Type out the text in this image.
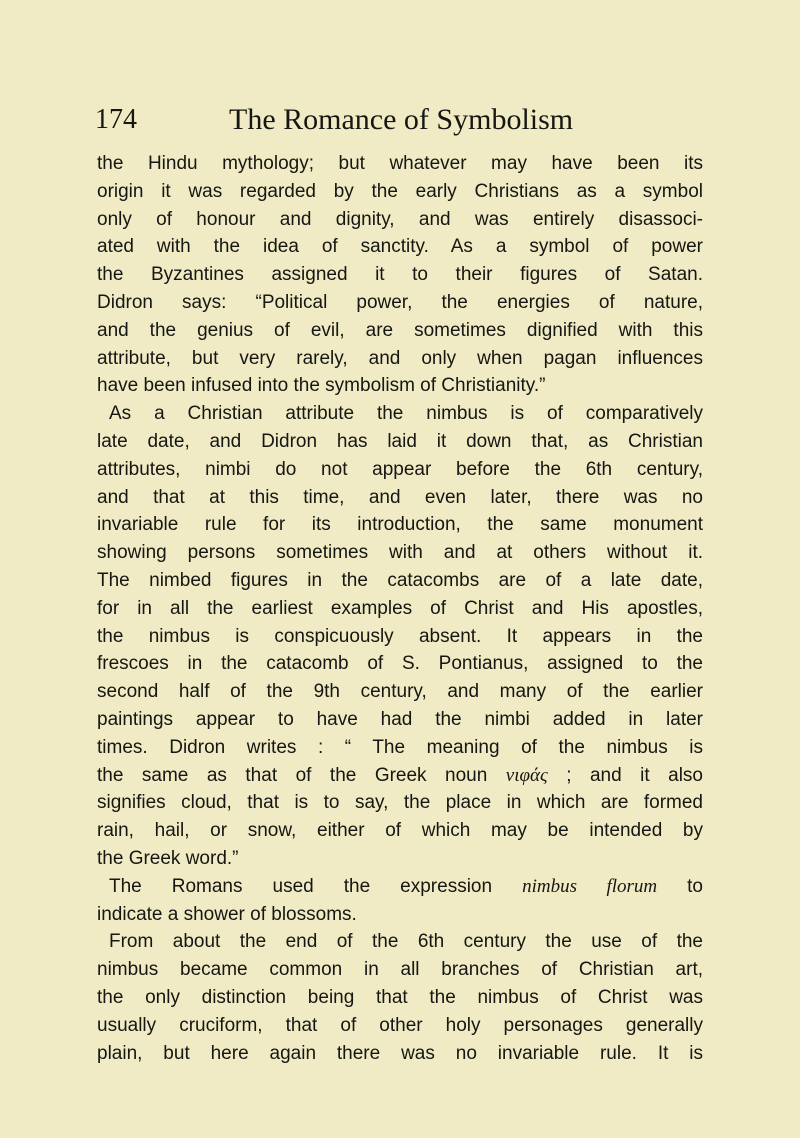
174	The Romance of Symbolism
the Hindu mythology; but whatever may have been its
origin it was regarded by the early Christians as a symbol
only of honour and dignity, and was entirely disassoci-
ated with the idea of sanctity. As a symbol of power
the Byzantines assigned it to their figures of Satan.
Didron says: “Political power, the energies of nature,
and the genius of evil, are sometimes dignified with this
attribute, but very rarely, and only when pagan influences
have been infused into the symbolism of Christianity.”
As a Christian attribute the nimbus is of comparatively
late date, and Didron has laid it down that, as Christian
attributes, nimbi do not appear before the 6th century,
and that at this time, and even later, there was no
invariable rule for its introduction, the same monument
showing persons sometimes with and at others without it.
The nimbed figures in the catacombs are of a late date,
for in all the earliest examples of Christ and His apostles,
the nimbus is conspicuously absent. It appears in the
frescoes in the catacomb of S. Pontianus, assigned to the
second half of the 9th century, and many of the earlier
paintings appear to have had the nimbi added in later
times. Didron writes : “ The meaning of the nimbus is
the same as that of the Greek noun νιφάς ; and it also
signifies cloud, that is to say, the place in which are formed
rain, hail, or snow, either of which may be intended by
the Greek word.”
The Romans used the expression nimbus florum to
indicate a shower of blossoms.
From about the end of the 6th century the use of the
nimbus became common in all branches of Christian art,
the only distinction being that the nimbus of Christ was
usually cruciform, that of other holy personages generally
plain, but here again there was no invariable rule. It is
